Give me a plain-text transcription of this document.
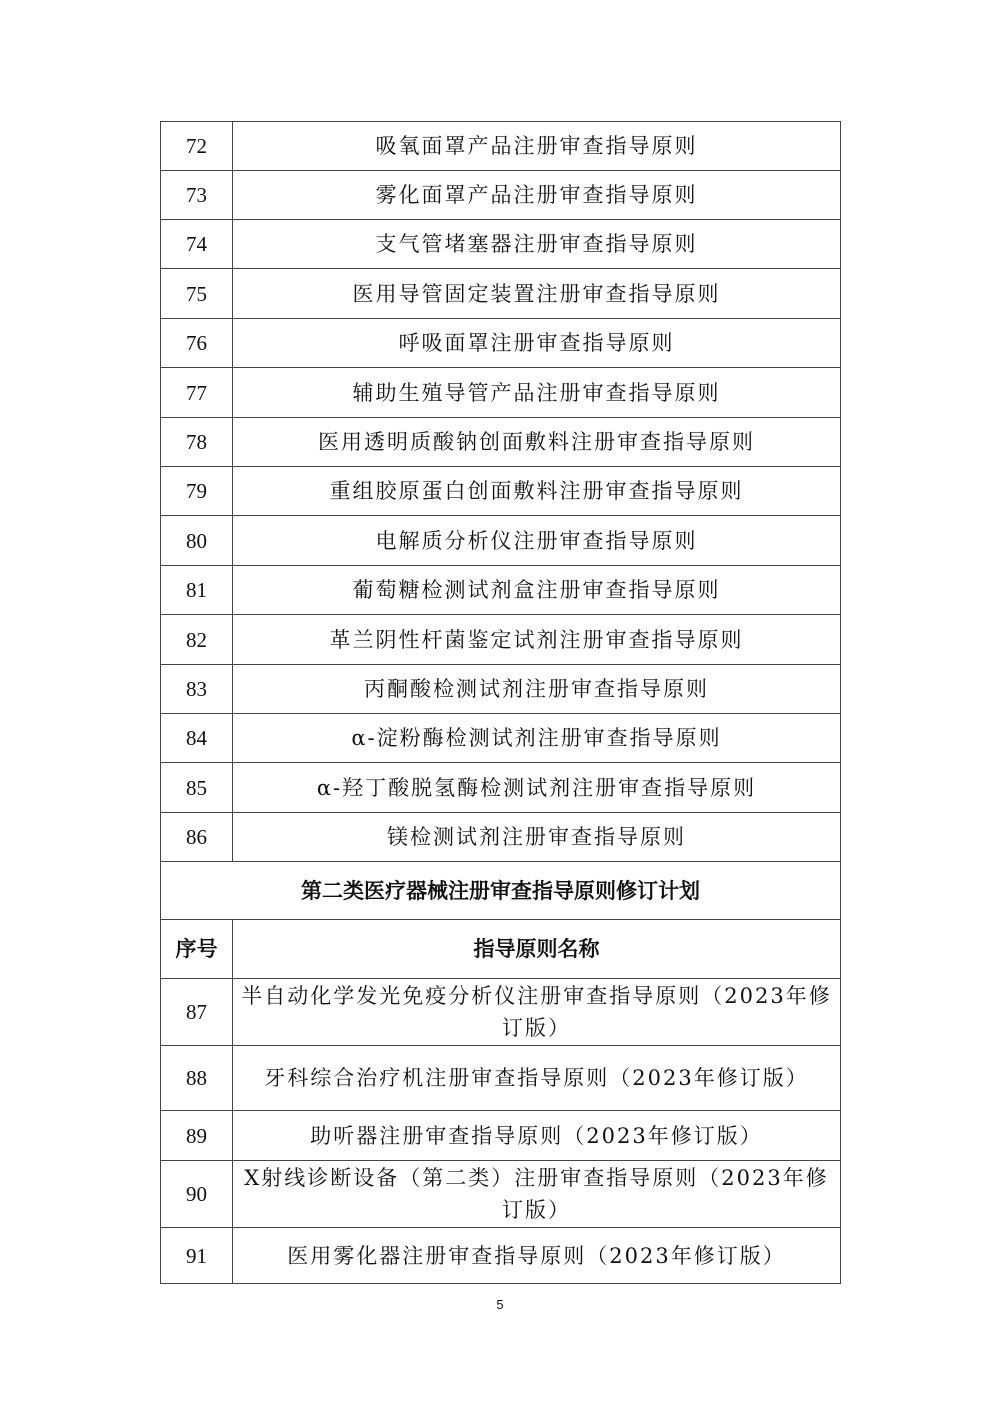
72	吸氧面罩产品注册审查指导原则
73	雾化面罩产品注册审查指导原则
74	支气管堵塞器注册审查指导原则
75	医用导管固定装置注册审查指导原则
76	呼吸面罩注册审查指导原则
77	辅助生殖导管产品注册审查指导原则
78	医用透明质酸钠创面敷料注册审查指导原则
79	重组胶原蛋白创面敷料注册审查指导原则
80	电解质分析仪注册审查指导原则
81	葡萄糖检测试剂盒注册审查指导原则
82	革兰阴性杆菌鉴定试剂注册审查指导原则
83	丙酮酸检测试剂注册审查指导原则
84	α-淀粉酶检测试剂注册审查指导原则
85	α-羟丁酸脱氢酶检测试剂注册审查指导原则
86	镁检测试剂注册审查指导原则
第二类医疗器械注册审查指导原则修订计划	
序号	指导原则名称
87	半自动化学发光免疫分析仪注册审查指导原则（2023年修订版）
88	牙科综合治疗机注册审查指导原则（2023年修订版）
89	助听器注册审查指导原则（2023年修订版）
90	X射线诊断设备（第二类）注册审查指导原则（2023年修订版）
91	医用雾化器注册审查指导原则（2023年修订版）
5
